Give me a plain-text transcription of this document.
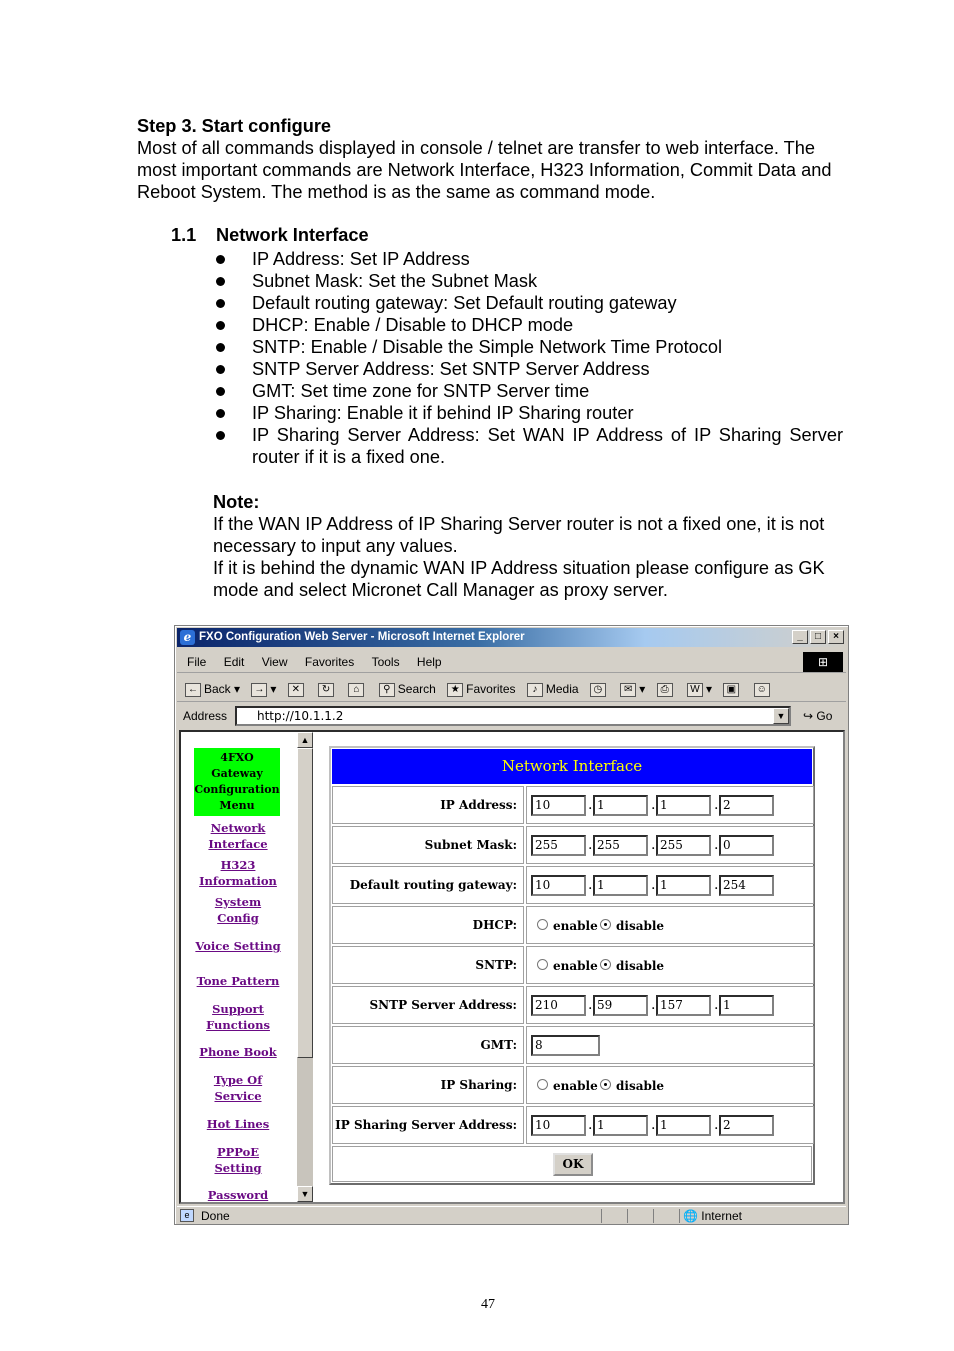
Step 3. Start configure
Most of all commands displayed in console / telnet are transfer to web interface. The most important commands are Network Interface, H323 Information, Commit Data and Reboot System. The method is as the same as command mode.
1.1 Network Interface
IP Address: Set IP Address
Subnet Mask: Set the Subnet Mask
Default routing gateway: Set Default routing gateway
DHCP: Enable / Disable to DHCP mode
SNTP: Enable / Disable the Simple Network Time Protocol
SNTP Server Address: Set SNTP Server Address
GMT: Set time zone for SNTP Server time
IP Sharing: Enable it if behind IP Sharing router
IP Sharing Server Address: Set WAN IP Address of IP Sharing Server router if it is a fixed one.
Note:
If the WAN IP Address of IP Sharing Server router is not a fixed one, it is not necessary to input any values.
If it is behind the dynamic WAN IP Address situation please configure as GK mode and select Micronet Call Manager as proxy server.
e FXO Configuration Web Server - Microsoft Internet Explorer	_	□	×
File Edit View Favorites Tools Help	⊞
← Back ▾ → ▾ ✕ ↻ ⌂ ⚲ Search ★ Favorites ♪ Media ◷ ✉ ▾ ⎙ W ▾ ▣ ☺
Address	http://10.1.1.2	▼ ↪ Go
4FXO
Gateway
Configuration
Menu
Network
Interface
H323
Information
System
Config
Voice Setting
Tone Pattern
Support
Functions
Phone Book
Type Of
Service
Hot Lines
PPPoE
Setting
Password
▲
▼
Network Interface
IP Address:	10	. 1	. 1	. 2
Subnet Mask:	255	. 255	. 255	. 0
Default routing gateway:	10	. 1	. 1	. 254
DHCP:	enable disable
SNTP:	enable disable
SNTP Server Address:	210	. 59	. 157	. 1
GMT:	8
IP Sharing:	enable disable
IP Sharing Server Address:	10	. 1	. 1	. 2
OK
e Done	🌐 Internet
47
